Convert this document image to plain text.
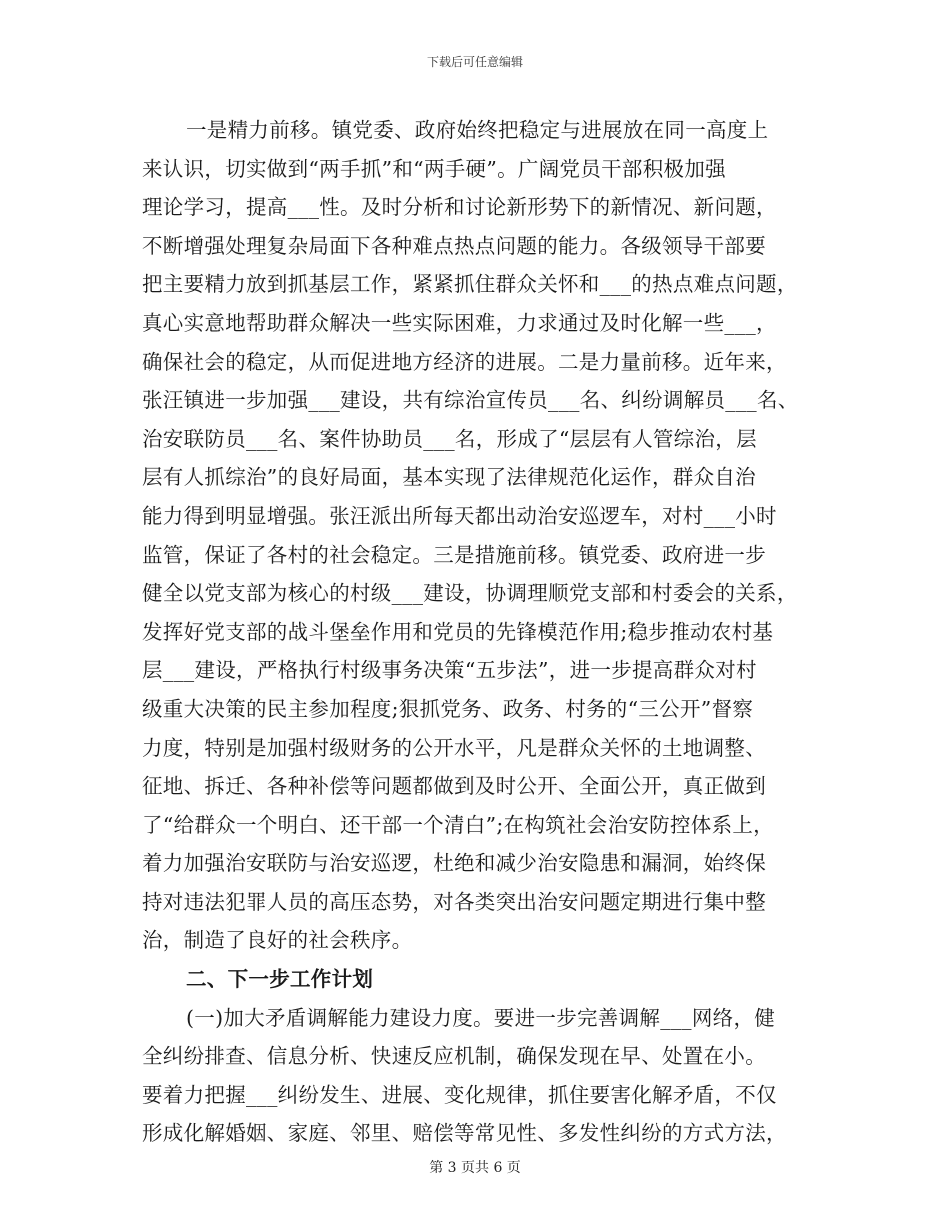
下载后可任意编辑
一是精力前移。镇党委、政府始终把稳定与进展放在同一高度上
来认识，切实做到“两手抓”和“两手硬”。广阔党员干部积极加强
理论学习，提高___性。及时分析和讨论新形势下的新情况、新问题，
不断增强处理复杂局面下各种难点热点问题的能力。各级领导干部要
把主要精力放到抓基层工作，紧紧抓住群众关怀和___的热点难点问题，
真心实意地帮助群众解决一些实际困难，力求通过及时化解一些___，
确保社会的稳定，从而促进地方经济的进展。二是力量前移。近年来，
张汪镇进一步加强___建设，共有综治宣传员___名、纠纷调解员___名、
治安联防员___名、案件协助员___名，形成了“层层有人管综治，层
层有人抓综治”的良好局面，基本实现了法律规范化运作，群众自治
能力得到明显增强。张汪派出所每天都出动治安巡逻车，对村___小时
监管，保证了各村的社会稳定。三是措施前移。镇党委、政府进一步
健全以党支部为核心的村级___建设，协调理顺党支部和村委会的关系，
发挥好党支部的战斗堡垒作用和党员的先锋模范作用;稳步推动农村基
层___建设，严格执行村级事务决策“五步法”，进一步提高群众对村
级重大决策的民主参加程度;狠抓党务、政务、村务的“三公开”督察
力度，特别是加强村级财务的公开水平，凡是群众关怀的土地调整、
征地、拆迁、各种补偿等问题都做到及时公开、全面公开，真正做到
了“给群众一个明白、还干部一个清白”;在构筑社会治安防控体系上，
着力加强治安联防与治安巡逻，杜绝和减少治安隐患和漏洞，始终保
持对违法犯罪人员的高压态势，对各类突出治安问题定期进行集中整
治，制造了良好的社会秩序。
二、下一步工作计划
(一)加大矛盾调解能力建设力度。要进一步完善调解___网络，健
全纠纷排查、信息分析、快速反应机制，确保发现在早、处置在小。
要着力把握___纠纷发生、进展、变化规律，抓住要害化解矛盾，不仅
形成化解婚姻、家庭、邻里、赔偿等常见性、多发性纠纷的方式方法，
第 3 页共 6 页
